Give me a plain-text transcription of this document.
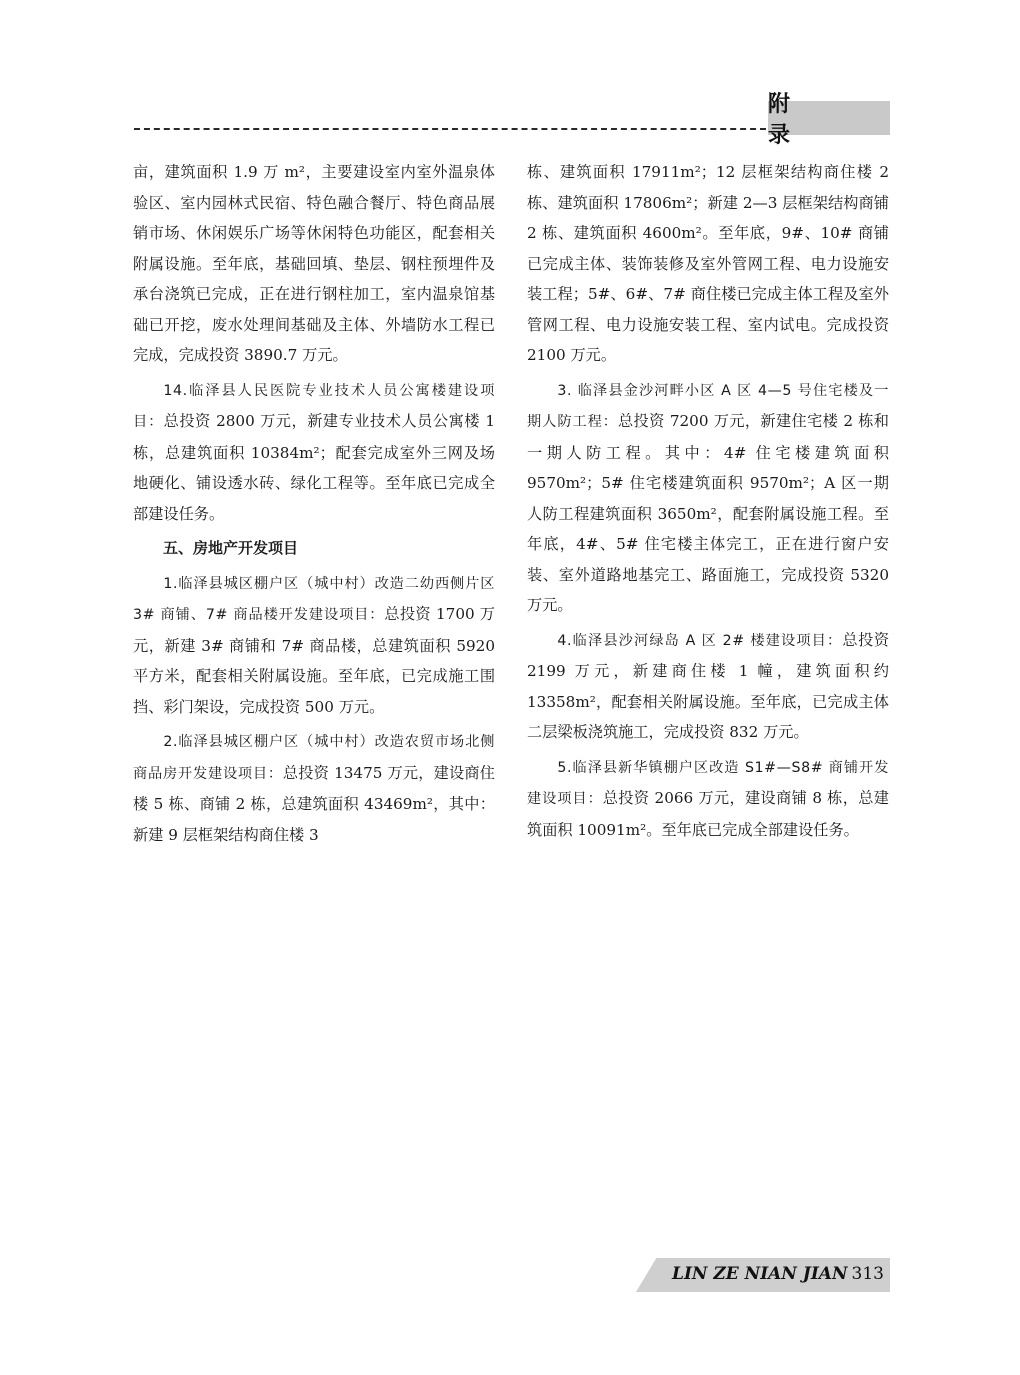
附 录

亩，建筑面积 1.9 万 m²，主要建设室内室外温泉体验区、室内园林式民宿、特色融合餐厅、特色商品展销市场、休闲娱乐广场等休闲特色功能区，配套相关附属设施。至年底，基础回填、垫层、钢柱预埋件及承台浇筑已完成，正在进行钢柱加工，室内温泉馆基础已开挖，废水处理间基础及主体、外墙防水工程已完成，完成投资 3890.7 万元。

14.临泽县人民医院专业技术人员公寓楼建设项目：总投资 2800 万元，新建专业技术人员公寓楼 1 栋，总建筑面积 10384m²；配套完成室外三网及场地硬化、铺设透水砖、绿化工程等。至年底已完成全部建设任务。

五、房地产开发项目

1.临泽县城区棚户区（城中村）改造二幼西侧片区 3# 商铺、7# 商品楼开发建设项目：总投资 1700 万元，新建 3# 商铺和 7# 商品楼，总建筑面积 5920 平方米，配套相关附属设施。至年底，已完成施工围挡、彩门架设，完成投资 500 万元。

2.临泽县城区棚户区（城中村）改造农贸市场北侧商品房开发建设项目：总投资 13475 万元，建设商住楼 5 栋、商铺 2 栋，总建筑面积 43469m²，其中：新建 9 层框架结构商住楼 3

栋、建筑面积 17911m²；12 层框架结构商住楼 2 栋、建筑面积 17806m²；新建 2—3 层框架结构商铺 2 栋、建筑面积 4600m²。至年底，9#、10# 商铺已完成主体、装饰装修及室外管网工程、电力设施安装工程；5#、6#、7# 商住楼已完成主体工程及室外管网工程、电力设施安装工程、室内试电。完成投资 2100 万元。

3. 临泽县金沙河畔小区 A 区 4—5 号住宅楼及一期人防工程：总投资 7200 万元，新建住宅楼 2 栋和一期人防工程。其中：4# 住宅楼建筑面积 9570m²；5# 住宅楼建筑面积 9570m²；A 区一期人防工程建筑面积 3650m²，配套附属设施工程。至年底，4#、5# 住宅楼主体完工，正在进行窗户安装、室外道路地基完工、路面施工，完成投资 5320 万元。

4.临泽县沙河绿岛 A 区 2# 楼建设项目：总投资 2199 万元，新建商住楼 1 幢，建筑面积约 13358m²，配套相关附属设施。至年底，已完成主体二层梁板浇筑施工，完成投资 832 万元。

5.临泽县新华镇棚户区改造 S1#—S8# 商铺开发建设项目：总投资 2066 万元，建设商铺 8 栋，总建筑面积 10091m²。至年底已完成全部建设任务。

LIN ZE NIAN JIAN 313
